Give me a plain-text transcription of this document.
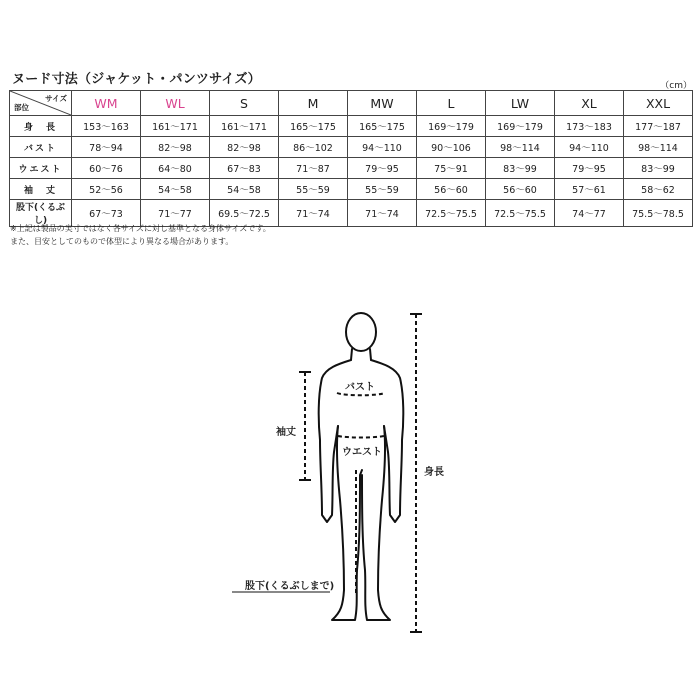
ヌード寸法（ジャケット・パンツサイズ）	（cm）
サイズ
部位	WM	WL	S	M	MW	L	LW	XL	XXL
身　長	153〜163	161〜171	161〜171	165〜175	165〜175	169〜179	169〜179	173〜183	177〜187
バスト	78〜94	82〜98	82〜98	86〜102	94〜110	90〜106	98〜114	94〜110	98〜114
ウエスト	60〜76	64〜80	67〜83	71〜87	79〜95	75〜91	83〜99	79〜95	83〜99
袖　丈	52〜56	54〜58	54〜58	55〜59	55〜59	56〜60	56〜60	57〜61	58〜62
股下(くるぶし)	67〜73	71〜77	69.5〜72.5	71〜74	71〜74	72.5〜75.5	72.5〜75.5	74〜77	75.5〜78.5
※上記は製品の実寸ではなく各サイズに対し基準となる身体サイズです。
また、目安としてのもので体型により異なる場合があります。
バスト
ウエスト
袖丈
身長
股下(くるぶしまで)
